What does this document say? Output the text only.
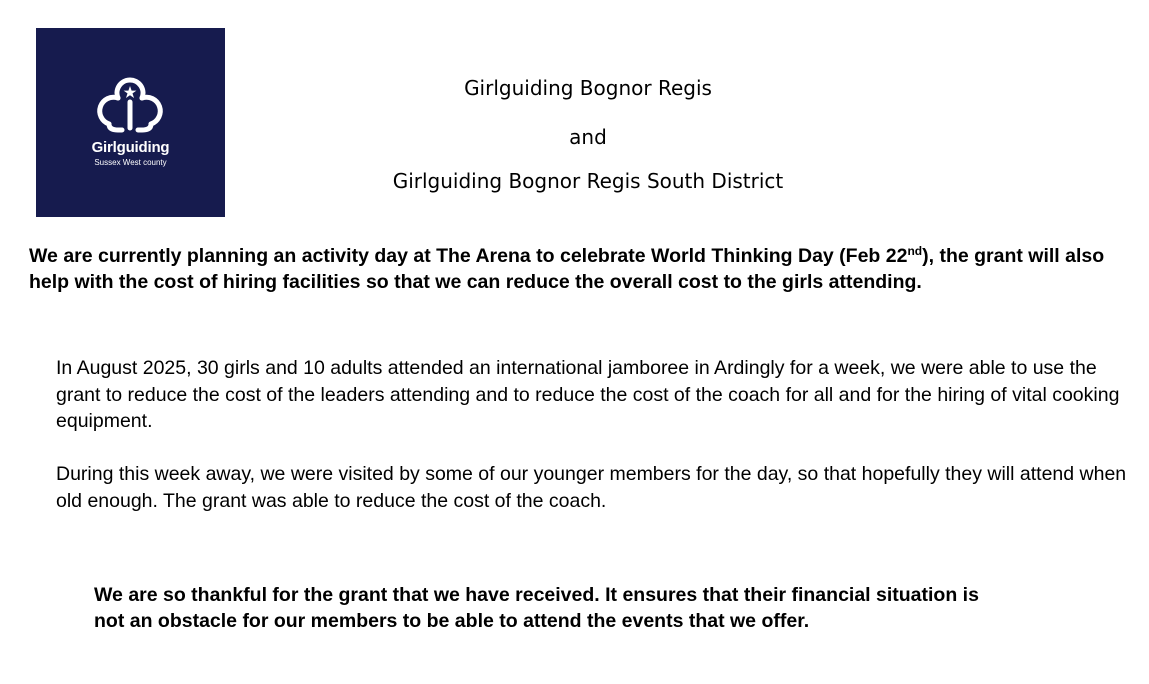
Girlguiding
Sussex West county
Girlguiding Bognor Regis
and
Girlguiding Bognor Regis South District
We are currently planning an activity day at The Arena to celebrate World Thinking Day (Feb 22nd), the grant will also help with the cost of hiring facilities so that we can reduce the overall cost to the girls attending.
In August 2025, 30 girls and 10 adults attended an international jamboree in Ardingly for a week, we were able to use the grant to reduce the cost of the leaders attending and to reduce the cost of the coach for all and for the hiring of vital cooking equipment.
During this week away, we were visited by some of our younger members for the day, so that hopefully they will attend when old enough. The grant was able to reduce the cost of the coach.
We are so thankful for the grant that we have received. It ensures that their financial situation is not an obstacle for our members to be able to attend the events that we offer.
